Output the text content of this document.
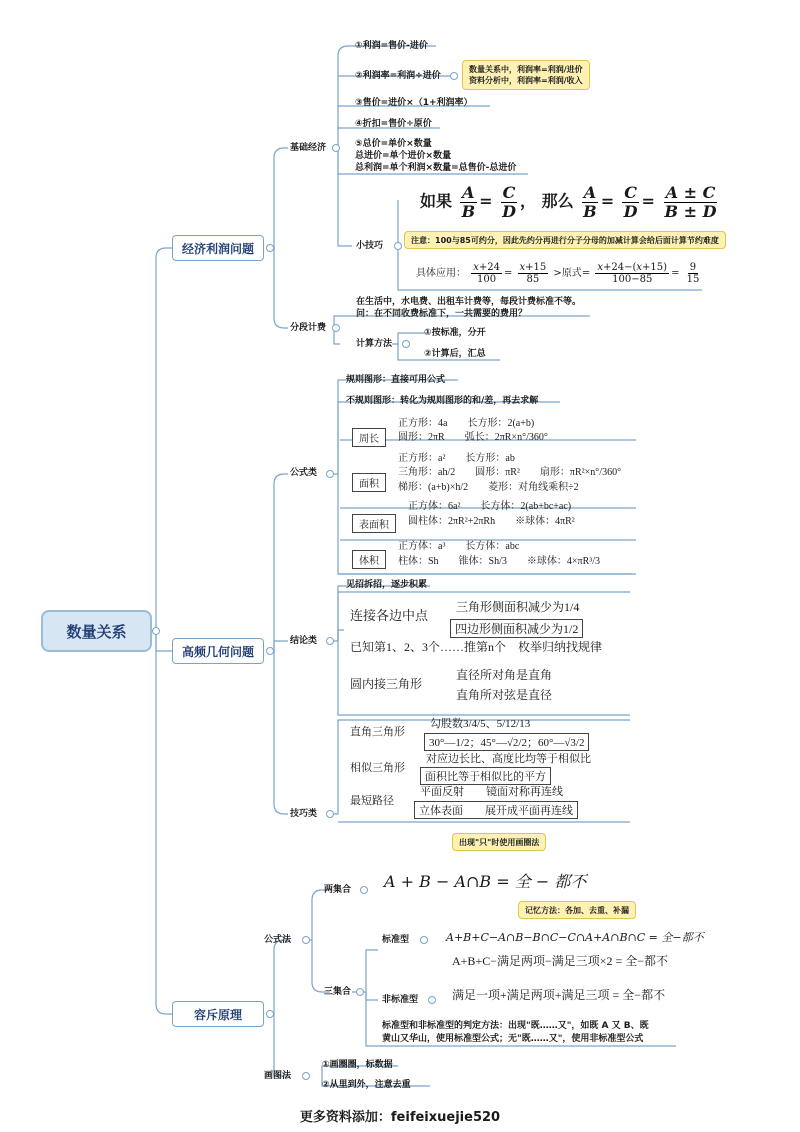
数量关系
经济利润问题
基础经济
①利润=售价-进价
②利润率=利润÷进价
数量关系中，利润率=利润/进价
资料分析中，利润率=利润/收入
③售价=进价×（1+利润率）
④折扣=售价÷原价
⑤总价=单价×数量
总进价=单个进价×数量
总利润=单个利润×数量=总售价-总进价
小技巧
如果 $\frac{A}{B} = \frac{C}{D}$ ， 那么 $\frac{A}{B} = \frac{C}{D} = \frac{A \pm C}{B \pm D}$
注意：100与85可约分，因此先约分再进行分子分母的加减计算会给后面计算节约难度
具体应用： $\frac{x+24}{100} = \frac{x+15}{85}$ >原式= $\frac{x+24-(x+15)}{100-85} = \frac{9}{15}$
分段计费
在生活中，水电费、出租车计费等，每段计费标准不等。
问：在不同收费标准下，一共需要的费用？
计算方法
①按标准，分开
②计算后，汇总
高频几何问题
公式类
规则图形：直接可用公式
不规则图形：转化为规则图形的和/差，再去求解
周长
正方形：4a　　长方形：2(a+b)
圆形：2πR　　弧长：2πR×n°/360°
面积
正方形：a²　　长方形：ab
三角形：ah/2　　圆形：πR²　　扇形：πR²×n°/360°
梯形：(a+b)×h/2　　菱形：对角线乘积÷2
表面积
正方体：6a²　　长方体：2(ab+bc+ac)
圆柱体：2πR²+2πRh　　※球体：4πR²
体积
正方体：a³　　长方体：abc
柱体：Sh　　锥体：Sh/3　　※球体：4×πR³/3
结论类
见招拆招，逐步积累
连接各边中点
三角形侧面积减少为1/4
四边形侧面积减少为1/2
已知第1、2、3个……推第n个　枚举归纳找规律
圆内接三角形
直径所对角是直角
直角所对弦是直径
技巧类
直角三角形
勾股数3/4/5、5/12/13
30°—1/2；45°—√2/2；60°—√3/2
相似三角形
对应边长比、高度比均等于相似比
面积比等于相似比的平方
最短路径
平面反射　　镜面对称再连线
立体表面　　展开成平面再连线
容斥原理
出现"只"时使用画圈法
公式法
两集合 A + B − A∩B = 全 − 都不
三集合
记忆方法：各加、去重、补漏
标准型	A+B+C−A∩B−B∩C−C∩A+A∩B∩C = 全−都不
非标准型
A+B+C−满足两项−满足三项×2 = 全−都不
满足一项+满足两项+满足三项 = 全−都不
标准型和非标准型的判定方法：出现"既……又"，如既 A 又 B、既
黄山又华山，使用标准型公式；无"既……又"，使用非标准型公式
画图法
①画圈圈，标数据
②从里到外，注意去重
更多资料添加：feifeixuejie520
